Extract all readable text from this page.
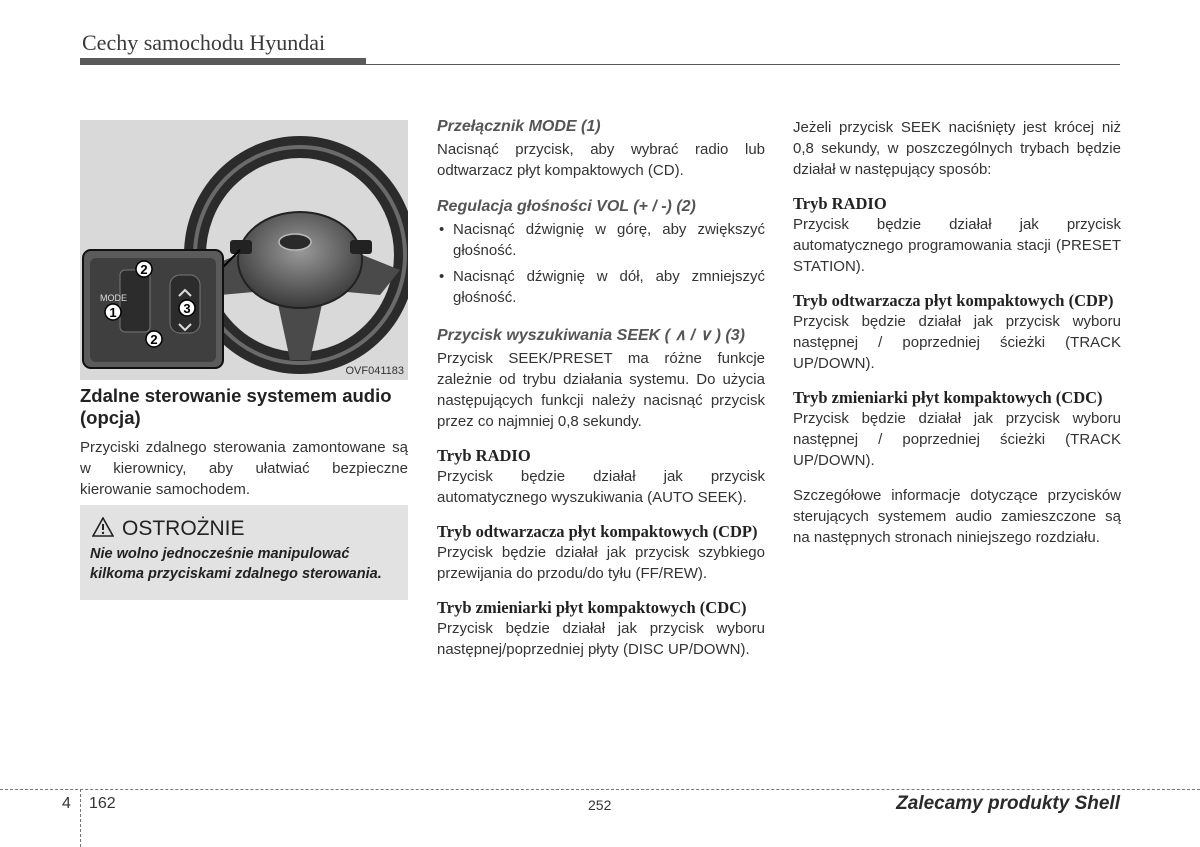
Cechy samochodu Hyundai
MODE
2
1	3
2
OVF041183
Zdalne sterowanie systemem audio (opcja)

Przyciski zdalnego sterowania zamontowane są w kierownicy, aby ułatwiać bezpieczne kierowanie samochodem.

OSTROŻNIE
Nie wolno jednocześnie manipulować kilkoma przyciskami zdalnego sterowania.
Przełącznik MODE (1)

Nacisnąć przycisk, aby wybrać radio lub odtwarzacz płyt kompaktowych (CD).

Regulacja głośności VOL (+ / -) (2)
• Nacisnąć dźwignię w górę, aby zwiększyć głośność.
• Nacisnąć dźwignię w dół, aby zmniejszyć głośność.
Przycisk wyszukiwania SEEK ( ∧ / ∨ ) (3)

Przycisk SEEK/PRESET ma różne funkcje zależnie od trybu działania systemu. Do użycia następujących funkcji należy nacisnąć przycisk przez co najmniej 0,8 sekundy.

Tryb RADIO

Przycisk będzie działał jak przycisk automatycznego wyszukiwania (AUTO SEEK).

Tryb odtwarzacza płyt kompaktowych (CDP)

Przycisk będzie działał jak przycisk szybkiego przewijania do przodu/do tyłu (FF/REW).

Tryb zmieniarki płyt kompaktowych (CDC)

Przycisk będzie działał jak przycisk wyboru następnej/poprzedniej płyty (DISC UP/DOWN).

Jeżeli przycisk SEEK naciśnięty jest krócej niż 0,8 sekundy, w poszczególnych trybach będzie działał w następujący sposób:

Tryb RADIO

Przycisk będzie działał jak przycisk automatycznego programowania stacji (PRESET STATION).

Tryb odtwarzacza płyt kompaktowych (CDP)

Przycisk będzie działał jak przycisk wyboru następnej / poprzedniej ścieżki (TRACK UP/DOWN).

Tryb zmieniarki płyt kompaktowych (CDC)

Przycisk będzie działał jak przycisk wyboru następnej / poprzedniej ścieżki (TRACK UP/DOWN).

Szczegółowe informacje dotyczące przycisków sterujących systemem audio zamieszczone są na następnych stronach niniejszego rozdziału.

4 162	252	Zalecamy produkty Shell
